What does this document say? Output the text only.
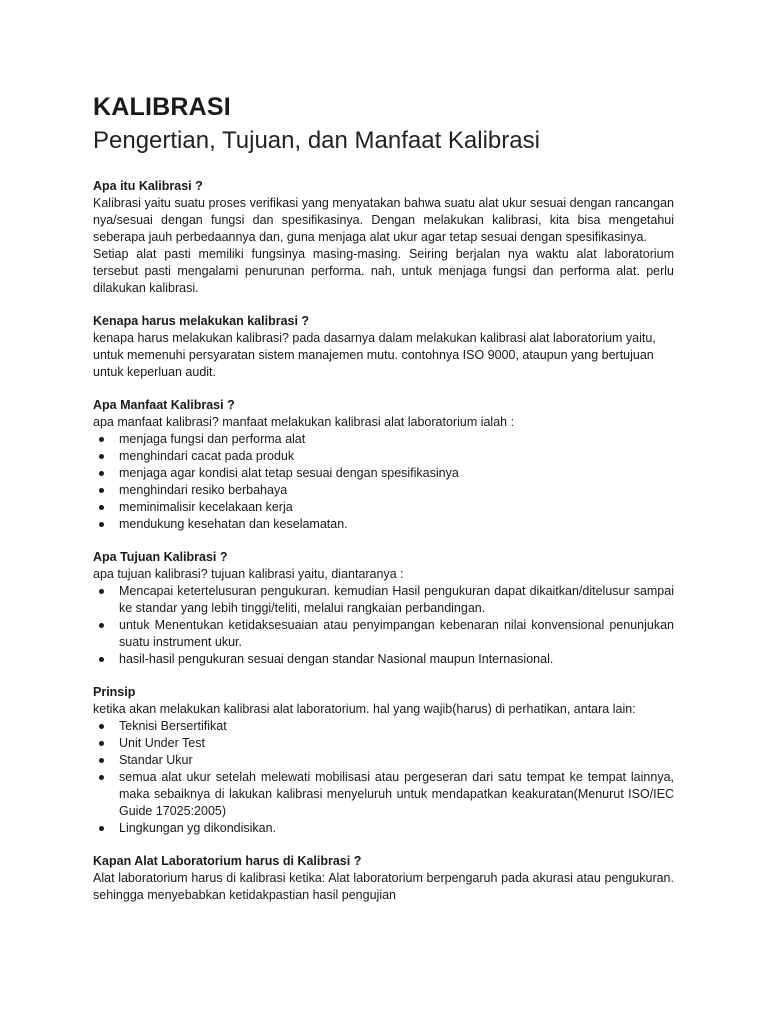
KALIBRASI
Pengertian, Tujuan, dan Manfaat Kalibrasi

Apa itu Kalibrasi ?

Kalibrasi yaitu suatu proses verifikasi yang menyatakan bahwa suatu alat ukur sesuai dengan rancangan nya/sesuai dengan fungsi dan spesifikasinya. Dengan melakukan kalibrasi, kita bisa mengetahui seberapa jauh perbedaannya dan, guna menjaga alat ukur agar tetap sesuai dengan spesifikasinya.

Setiap alat pasti memiliki fungsinya masing-masing. Seiring berjalan nya waktu alat laboratorium tersebut pasti mengalami penurunan performa. nah, untuk menjaga fungsi dan performa alat. perlu dilakukan kalibrasi.

Kenapa harus melakukan kalibrasi ?

kenapa harus melakukan kalibrasi? pada dasarnya dalam melakukan kalibrasi alat laboratorium yaitu, untuk memenuhi persyaratan sistem manajemen mutu. contohnya ISO 9000, ataupun yang bertujuan untuk keperluan audit.

Apa Manfaat Kalibrasi ?

apa manfaat kalibrasi? manfaat melakukan kalibrasi alat laboratorium ialah :

menjaga fungsi dan performa alat
menghindari cacat pada produk
menjaga agar kondisi alat tetap sesuai dengan spesifikasinya
menghindari resiko berbahaya
meminimalisir kecelakaan kerja
mendukung kesehatan dan keselamatan.

Apa Tujuan Kalibrasi ?

apa tujuan kalibrasi? tujuan kalibrasi yaitu, diantaranya :

Mencapai ketertelusuran pengukuran. kemudian Hasil pengukuran dapat dikaitkan/ditelusur sampai ke standar yang lebih tinggi/teliti, melalui rangkaian perbandingan.
untuk Menentukan ketidaksesuaian atau penyimpangan kebenaran nilai konvensional penunjukan suatu instrument ukur.
hasil-hasil pengukuran sesuai dengan standar Nasional maupun Internasional.

Prinsip

ketika akan melakukan kalibrasi alat laboratorium. hal yang wajib(harus) di perhatikan, antara lain:

Teknisi Bersertifikat
Unit Under Test
Standar Ukur
semua alat ukur setelah melewati mobilisasi atau pergeseran dari satu tempat ke tempat lainnya, maka sebaiknya di lakukan kalibrasi menyeluruh untuk mendapatkan keakuratan(Menurut ISO/IEC Guide 17025:2005)
Lingkungan yg dikondisikan.

Kapan Alat Laboratorium harus di Kalibrasi ?

Alat laboratorium harus di kalibrasi ketika: Alat laboratorium berpengaruh pada akurasi atau pengukuran. sehingga menyebabkan ketidakpastian hasil pengujian
